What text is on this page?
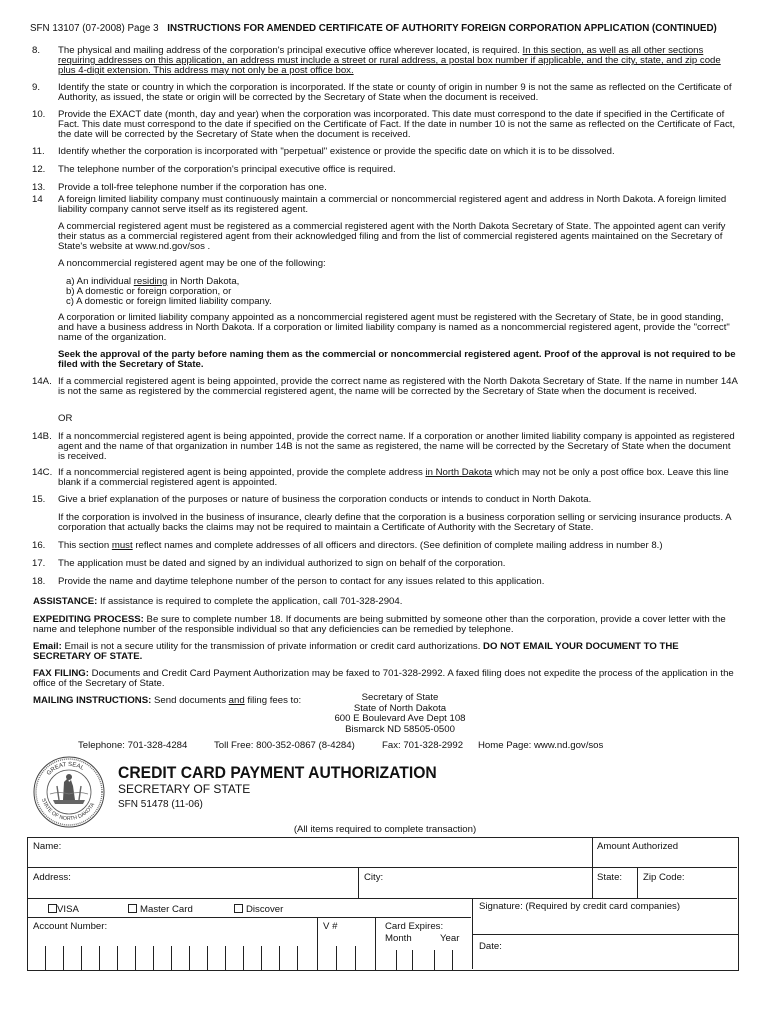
SFN 13107 (07-2008) Page 3 INSTRUCTIONS FOR AMENDED CERTIFICATE OF AUTHORITY FOREIGN CORPORATION APPLICATION (CONTINUED)
8.	The physical and mailing address of the corporation's principal executive office wherever located, is required. In this section, as well as all other sections requiring addresses on this application, an address must include a street or rural address, a postal box number if applicable, and the city, state, and zip code plus 4-digit extension. This address may not only be a post office box.
9.	Identify the state or country in which the corporation is incorporated. If the state or county of origin in number 9 is not the same as reflected on the Certificate of Authority, as issued, the state or origin will be corrected by the Secretary of State when the document is received.
10.	Provide the EXACT date (month, day and year) when the corporation was incorporated. This date must correspond to the date if specified in the Certificate of Fact. This date must correspond to the date if specified on the Certificate of Fact. If the date in number 10 is not the same as reflected on the Certificate of Fact, the date will be corrected by the Secretary of State when the document is received.
11.	Identify whether the corporation is incorporated with "perpetual" existence or provide the specific date on which it is to be dissolved.
12.	The telephone number of the corporation's principal executive office is required.
13.	Provide a toll-free telephone number if the corporation has one.
14	A foreign limited liability company must continuously maintain a commercial or noncommercial registered agent and address in North Dakota. A foreign limited liability company cannot serve itself as its registered agent.
A commercial registered agent must be registered as a commercial registered agent with the North Dakota Secretary of State. The appointed agent can verify their status as a commercial registered agent from their acknowledged filing and from the list of commercial registered agents maintained on the Secretary of State's website at www.nd.gov/sos .
A noncommercial registered agent may be one of the following:
a) An individual residing in North Dakota,
b) A domestic or foreign corporation, or
c) A domestic or foreign limited liability company.
A corporation or limited liability company appointed as a noncommercial registered agent must be registered with the Secretary of State, be in good standing, and have a business address in North Dakota. If a corporation or limited liability company is named as a noncommercial registered agent, provide the "correct" name of the organization.
Seek the approval of the party before naming them as the commercial or noncommercial registered agent. Proof of the approval is not required to be filed with the Secretary of State.
14A. If a commercial registered agent is being appointed, provide the correct name as registered with the North Dakota Secretary of State. If the name in number 14A is not the same as registered by the commercial registered agent, the name will be corrected by the Secretary of State when the document is received.
OR
14B. If a noncommercial registered agent is being appointed, provide the correct name. If a corporation or another limited liability company is appointed as registered agent and the name of that organization in number 14B is not the same as registered, the name will be corrected by the Secretary of State when the document is received.
14C. If a noncommercial registered agent is being appointed, provide the complete address in North Dakota which may not be only a post office box. Leave this line blank if a commercial registered agent is appointed.
15.	Give a brief explanation of the purposes or nature of business the corporation conducts or intends to conduct in North Dakota.
If the corporation is involved in the business of insurance, clearly define that the corporation is a business corporation selling or servicing insurance products. A corporation that actually backs the claims may not be required to maintain a Certificate of Authority with the Secretary of State.
16.	This section must reflect names and complete addresses of all officers and directors. (See definition of complete mailing address in number 8.)
17.	The application must be dated and signed by an individual authorized to sign on behalf of the corporation.
18.	Provide the name and daytime telephone number of the person to contact for any issues related to this application.
ASSISTANCE: If assistance is required to complete the application, call 701-328-2904.
EXPEDITING PROCESS: Be sure to complete number 18. If documents are being submitted by someone other than the corporation, provide a cover letter with the name and telephone number of the responsible individual so that any deficiencies can be remedied by telephone.
Email: Email is not a secure utility for the transmission of private information or credit card authorizations. DO NOT EMAIL YOUR DOCUMENT TO THE SECRETARY OF STATE.
FAX FILING: Documents and Credit Card Payment Authorization may be faxed to 701-328-2992. A faxed filing does not expedite the process of the application in the office of the Secretary of State.
MAILING INSTRUCTIONS: Send documents and filing fees to:	Secretary of State
State of North Dakota
600 E Boulevard Ave Dept 108
Bismarck ND 58505-0500
Telephone: 701-328-4284	Toll Free: 800-352-0867 (8-4284)	Fax: 701-328-2992 Home Page: www.nd.gov/sos
GREAT SEAL
STATE OF NORTH DAKOTA
CREDIT CARD PAYMENT AUTHORIZATION
SECRETARY OF STATE
SFN 51478 (11-06)
(All items required to complete transaction)
Name:	Amount Authorized
Address:	City:	State: Zip Code:
VISA	Master Card	Discover	Signature: (Required by credit card companies)
Date:
Account Number:	V #	Card Expires:
Month	Year
